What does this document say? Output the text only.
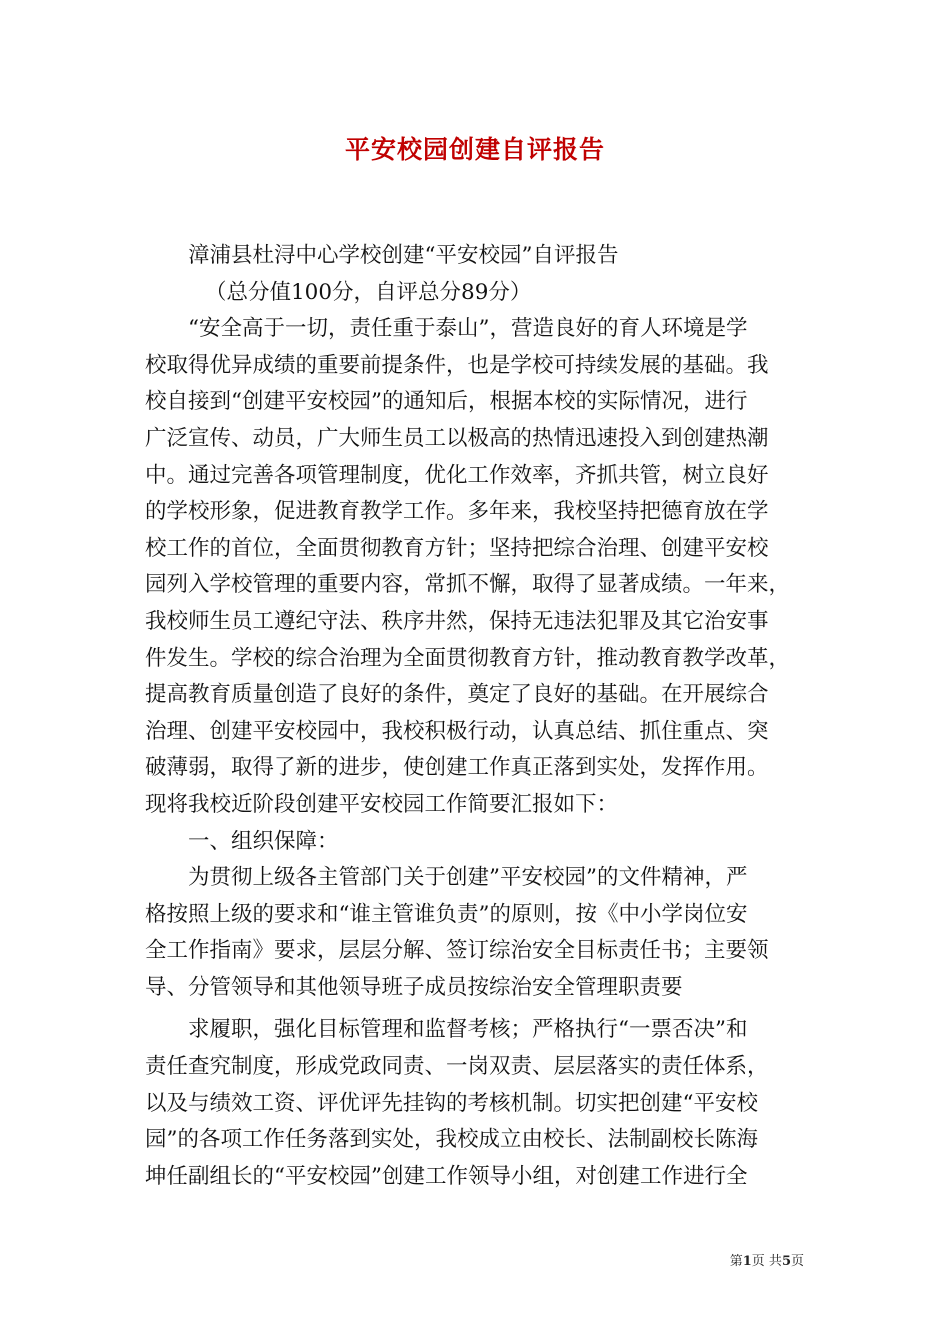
平安校园创建自评报告
漳浦县杜浔中心学校创建“平安校园”自评报告
（总分值100分，自评总分89分）
“安全高于一切，责任重于泰山”，营造良好的育人环境是学
校取得优异成绩的重要前提条件，也是学校可持续发展的基础。我
校自接到“创建平安校园”的通知后，根据本校的实际情况，进行
广泛宣传、动员，广大师生员工以极高的热情迅速投入到创建热潮
中。通过完善各项管理制度，优化工作效率，齐抓共管，树立良好
的学校形象，促进教育教学工作。多年来，我校坚持把德育放在学
校工作的首位，全面贯彻教育方针；坚持把综合治理、创建平安校
园列入学校管理的重要内容，常抓不懈，取得了显著成绩。一年来，
我校师生员工遵纪守法、秩序井然，保持无违法犯罪及其它治安事
件发生。学校的综合治理为全面贯彻教育方针，推动教育教学改革，
提高教育质量创造了良好的条件，奠定了良好的基础。在开展综合
治理、创建平安校园中，我校积极行动，认真总结、抓住重点、突
破薄弱，取得了新的进步，使创建工作真正落到实处，发挥作用。
现将我校近阶段创建平安校园工作简要汇报如下：
一、组织保障：
为贯彻上级各主管部门关于创建”平安校园”的文件精神，严
格按照上级的要求和“谁主管谁负责”的原则，按《中小学岗位安
全工作指南》要求，层层分解、签订综治安全目标责任书；主要领
导、分管领导和其他领导班子成员按综治安全管理职责要
求履职，强化目标管理和监督考核；严格执行“一票否决”和
责任查究制度，形成党政同责、一岗双责、层层落实的责任体系，
以及与绩效工资、评优评先挂钩的考核机制。切实把创建“平安校
园”的各项工作任务落到实处，我校成立由校长、法制副校长陈海
坤任副组长的“平安校园”创建工作领导小组，对创建工作进行全
第1页 共5页
